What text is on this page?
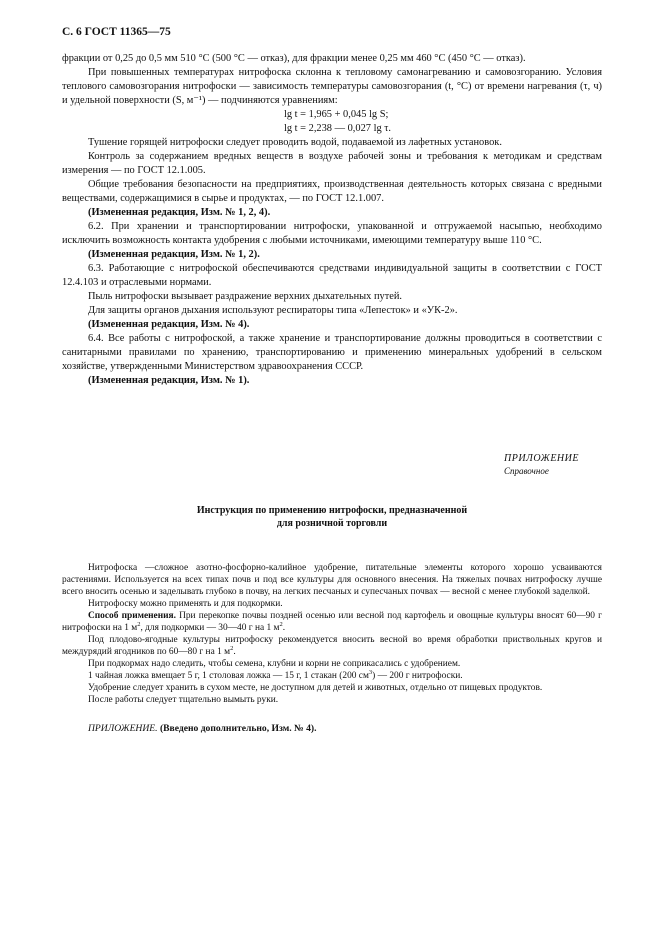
С. 6 ГОСТ 11365—75

фракции от 0,25 до 0,5 мм 510 °С (500 °С — отказ), для фракции менее 0,25 мм 460 °С (450 °С — отказ).

При повышенных температурах нитрофоска склонна к тепловому самонагреванию и самовозгоранию. Условия теплового самовозгорания нитрофоски — зависимость температуры самовозгорания (t, °С) от времени нагревания (τ, ч) и удельной поверхности (S, м⁻¹) — подчиняются уравнениям:

lg t = 1,965 + 0,045 lg S;
lg t = 2,238 — 0,027 lg τ.

Тушение горящей нитрофоски следует проводить водой, подаваемой из лафетных установок.

Контроль за содержанием вредных веществ в воздухе рабочей зоны и требования к методикам и средствам измерения — по ГОСТ 12.1.005.

Общие требования безопасности на предприятиях, производственная деятельность которых связана с вредными веществами, содержащимися в сырье и продуктах, — по ГОСТ 12.1.007.

(Измененная редакция, Изм. № 1, 2, 4).

6.2. При хранении и транспортировании нитрофоски, упакованной и отгружаемой насыпью, необходимо исключить возможность контакта удобрения с любыми источниками, имеющими температуру выше 110 °С.

(Измененная редакция, Изм. № 1, 2).

6.3. Работающие с нитрофоской обеспечиваются средствами индивидуальной защиты в соответствии с ГОСТ 12.4.103 и отраслевыми нормами.

Пыль нитрофоски вызывает раздражение верхних дыхательных путей.

Для защиты органов дыхания используют респираторы типа «Лепесток» и «УК-2».

(Измененная редакция, Изм. № 4).

6.4. Все работы с нитрофоской, а также хранение и транспортирование должны проводиться в соответствии с санитарными правилами по хранению, транспортированию и применению минеральных удобрений в сельском хозяйстве, утвержденными Министерством здравоохранения СССР.

(Измененная редакция, Изм. № 1).

ПРИЛОЖЕНИЕ
Справочное
Инструкция по применению нитрофоски, предназначенной
для розничной торговли

Нитрофоска —сложное азотно-фосфорно-калийное удобрение, питательные элементы которого хорошо усваиваются растениями. Используется на всех типах почв и под все культуры для основного внесения. На тяжелых почвах нитрофоску лучше всего вносить осенью и заделывать глубоко в почву, на легких песчаных и супесчаных почвах — весной с менее глубокой заделкой.

Нитрофоску можно применять и для подкормки.

Способ применения. При перекопке почвы поздней осенью или весной под картофель и овощные культуры вносят 60—90 г нитрофоски на 1 $м^2$, для подкормки — 30—40 г на 1 $м^2$.

Под плодово-ягодные культуры нитрофоску рекомендуется вносить весной во время обработки приствольных кругов и междурядий ягодников по 60—80 г на 1 $м^2$.

При подкормах надо следить, чтобы семена, клубни и корни не соприкасались с удобрением.

1 чайная ложка вмещает 5 г, 1 столовая ложка — 15 г, 1 стакан (200 $см^3$) — 200 г нитрофоски.

Удобрение следует хранить в сухом месте, не доступном для детей и животных, отдельно от пищевых продуктов.

После работы следует тщательно вымыть руки.

ПРИЛОЖЕНИЕ. (Введено дополнительно, Изм. № 4).
